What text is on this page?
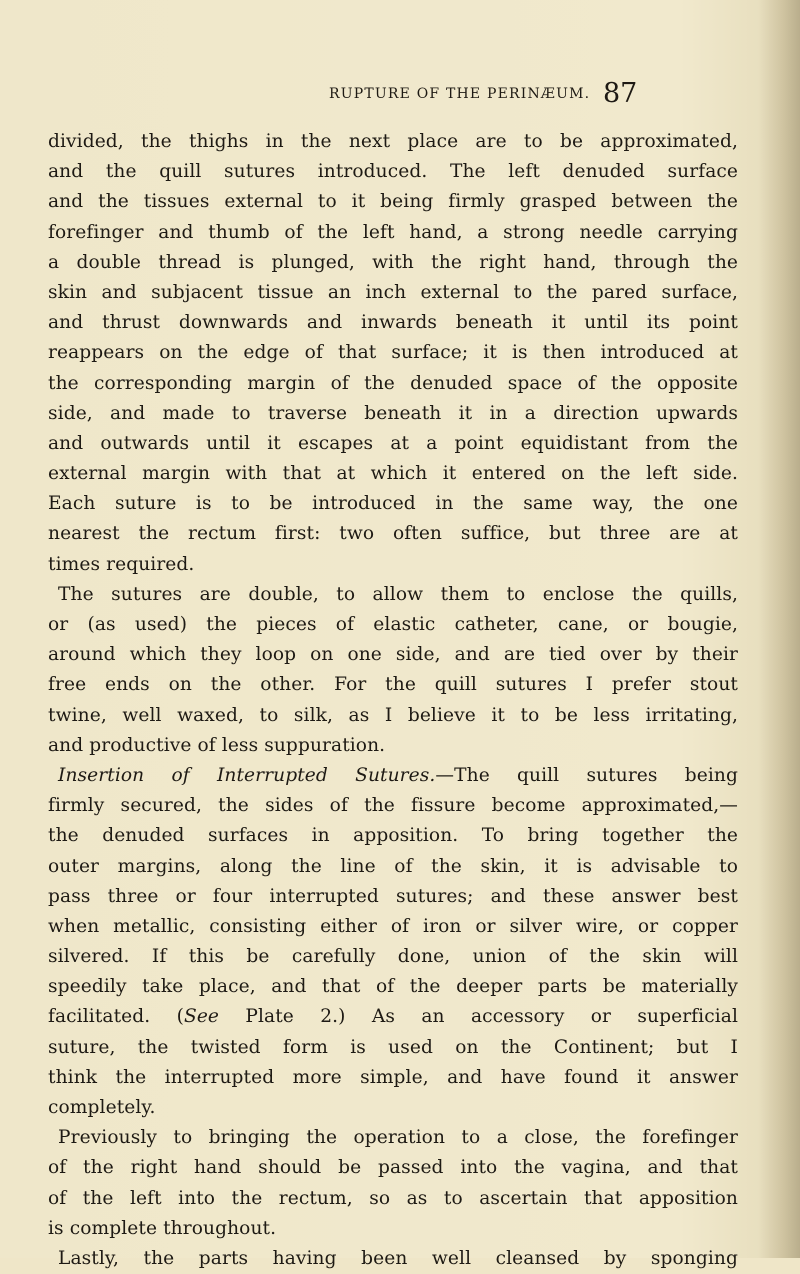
RUPTURE OF THE PERINÆUM. 87
divided, the thighs in the next place are to be approximated,
and the quill sutures introduced. The left denuded surface
and the tissues external to it being firmly grasped between the
forefinger and thumb of the left hand, a strong needle carrying
a double thread is plunged, with the right hand, through the
skin and subjacent tissue an inch external to the pared surface,
and thrust downwards and inwards beneath it until its point
reappears on the edge of that surface; it is then introduced at
the corresponding margin of the denuded space of the opposite
side, and made to traverse beneath it in a direction upwards
and outwards until it escapes at a point equidistant from the
external margin with that at which it entered on the left side.
Each suture is to be introduced in the same way, the one
nearest the rectum first: two often suffice, but three are at
times required.
The sutures are double, to allow them to enclose the quills,
or (as used) the pieces of elastic catheter, cane, or bougie,
around which they loop on one side, and are tied over by their
free ends on the other. For the quill sutures I prefer stout
twine, well waxed, to silk, as I believe it to be less irritating,
and productive of less suppuration.
Insertion of Interrupted Sutures.—The quill sutures being
firmly secured, the sides of the fissure become approximated,—
the denuded surfaces in apposition. To bring together the
outer margins, along the line of the skin, it is advisable to
pass three or four interrupted sutures; and these answer best
when metallic, consisting either of iron or silver wire, or copper
silvered. If this be carefully done, union of the skin will
speedily take place, and that of the deeper parts be materially
facilitated. (See Plate 2.) As an accessory or superficial
suture, the twisted form is used on the Continent; but I
think the interrupted more simple, and have found it answer
completely.
Previously to bringing the operation to a close, the forefinger
of the right hand should be passed into the vagina, and that
of the left into the rectum, so as to ascertain that apposition
is complete throughout.
Lastly, the parts having been well cleansed by sponging
